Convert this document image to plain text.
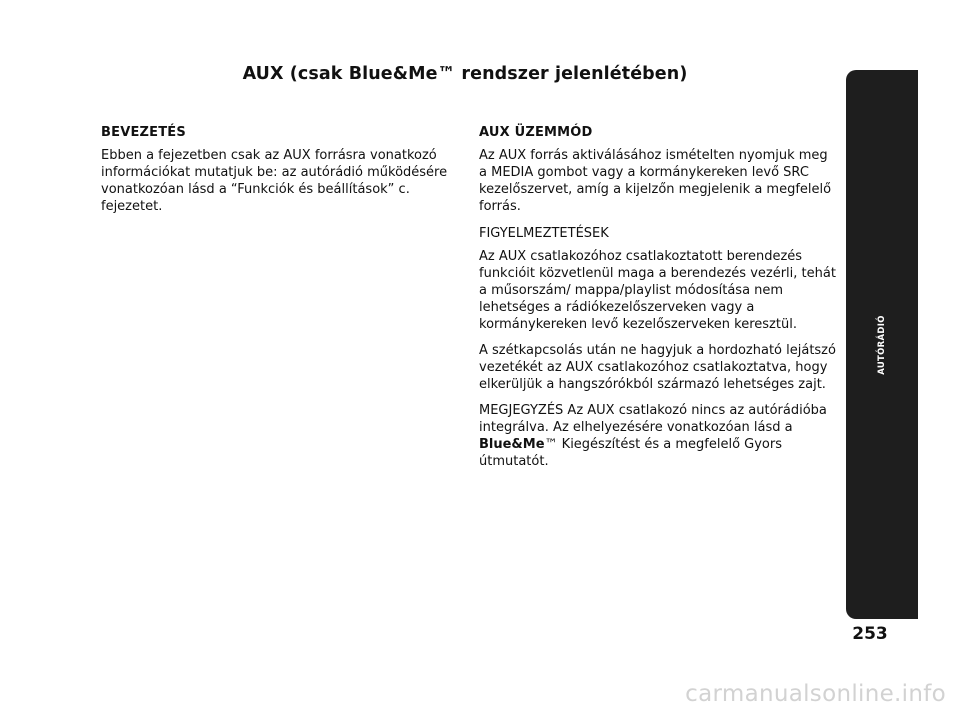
AUX (csak Blue&Me™ rendszer jelenlétében)
BEVEZETÉS

Ebben a fejezetben csak az AUX forrásra vonatkozó információkat mutatjuk be: az autórádió működésére vonatkozóan lásd a “Funkciók és beállítások” c. fejezetet.

AUX ÜZEMMÓD

Az AUX forrás aktiválásához ismételten nyomjuk meg a MEDIA gombot vagy a kormánykereken levő SRC kezelőszervet, amíg a kijelzőn megjelenik a megfelelő forrás.

FIGYELMEZTETÉSEK

Az AUX csatlakozóhoz csatlakoztatott berendezés funkcióit közvetlenül maga a berendezés vezérli, tehát a műsorszám/ mappa/playlist módosítása nem lehetséges a rádiókezelőszerveken vagy a kormánykereken levő kezelőszerveken keresztül.

A szétkapcsolás után ne hagyjuk a hordozható lejátszó vezetékét az AUX csatlakozóhoz csatlakoztatva, hogy elkerüljük a hangszórókból származó lehetséges zajt.

MEGJEGYZÉS Az AUX csatlakozó nincs az autórádióba integrálva. Az elhelyezésére vonatkozóan lásd a
Blue&Me™ Kiegészítést és a megfelelő Gyors útmutatót.

AUTÓRÁDIÓ
253
carmanualsonline.info
